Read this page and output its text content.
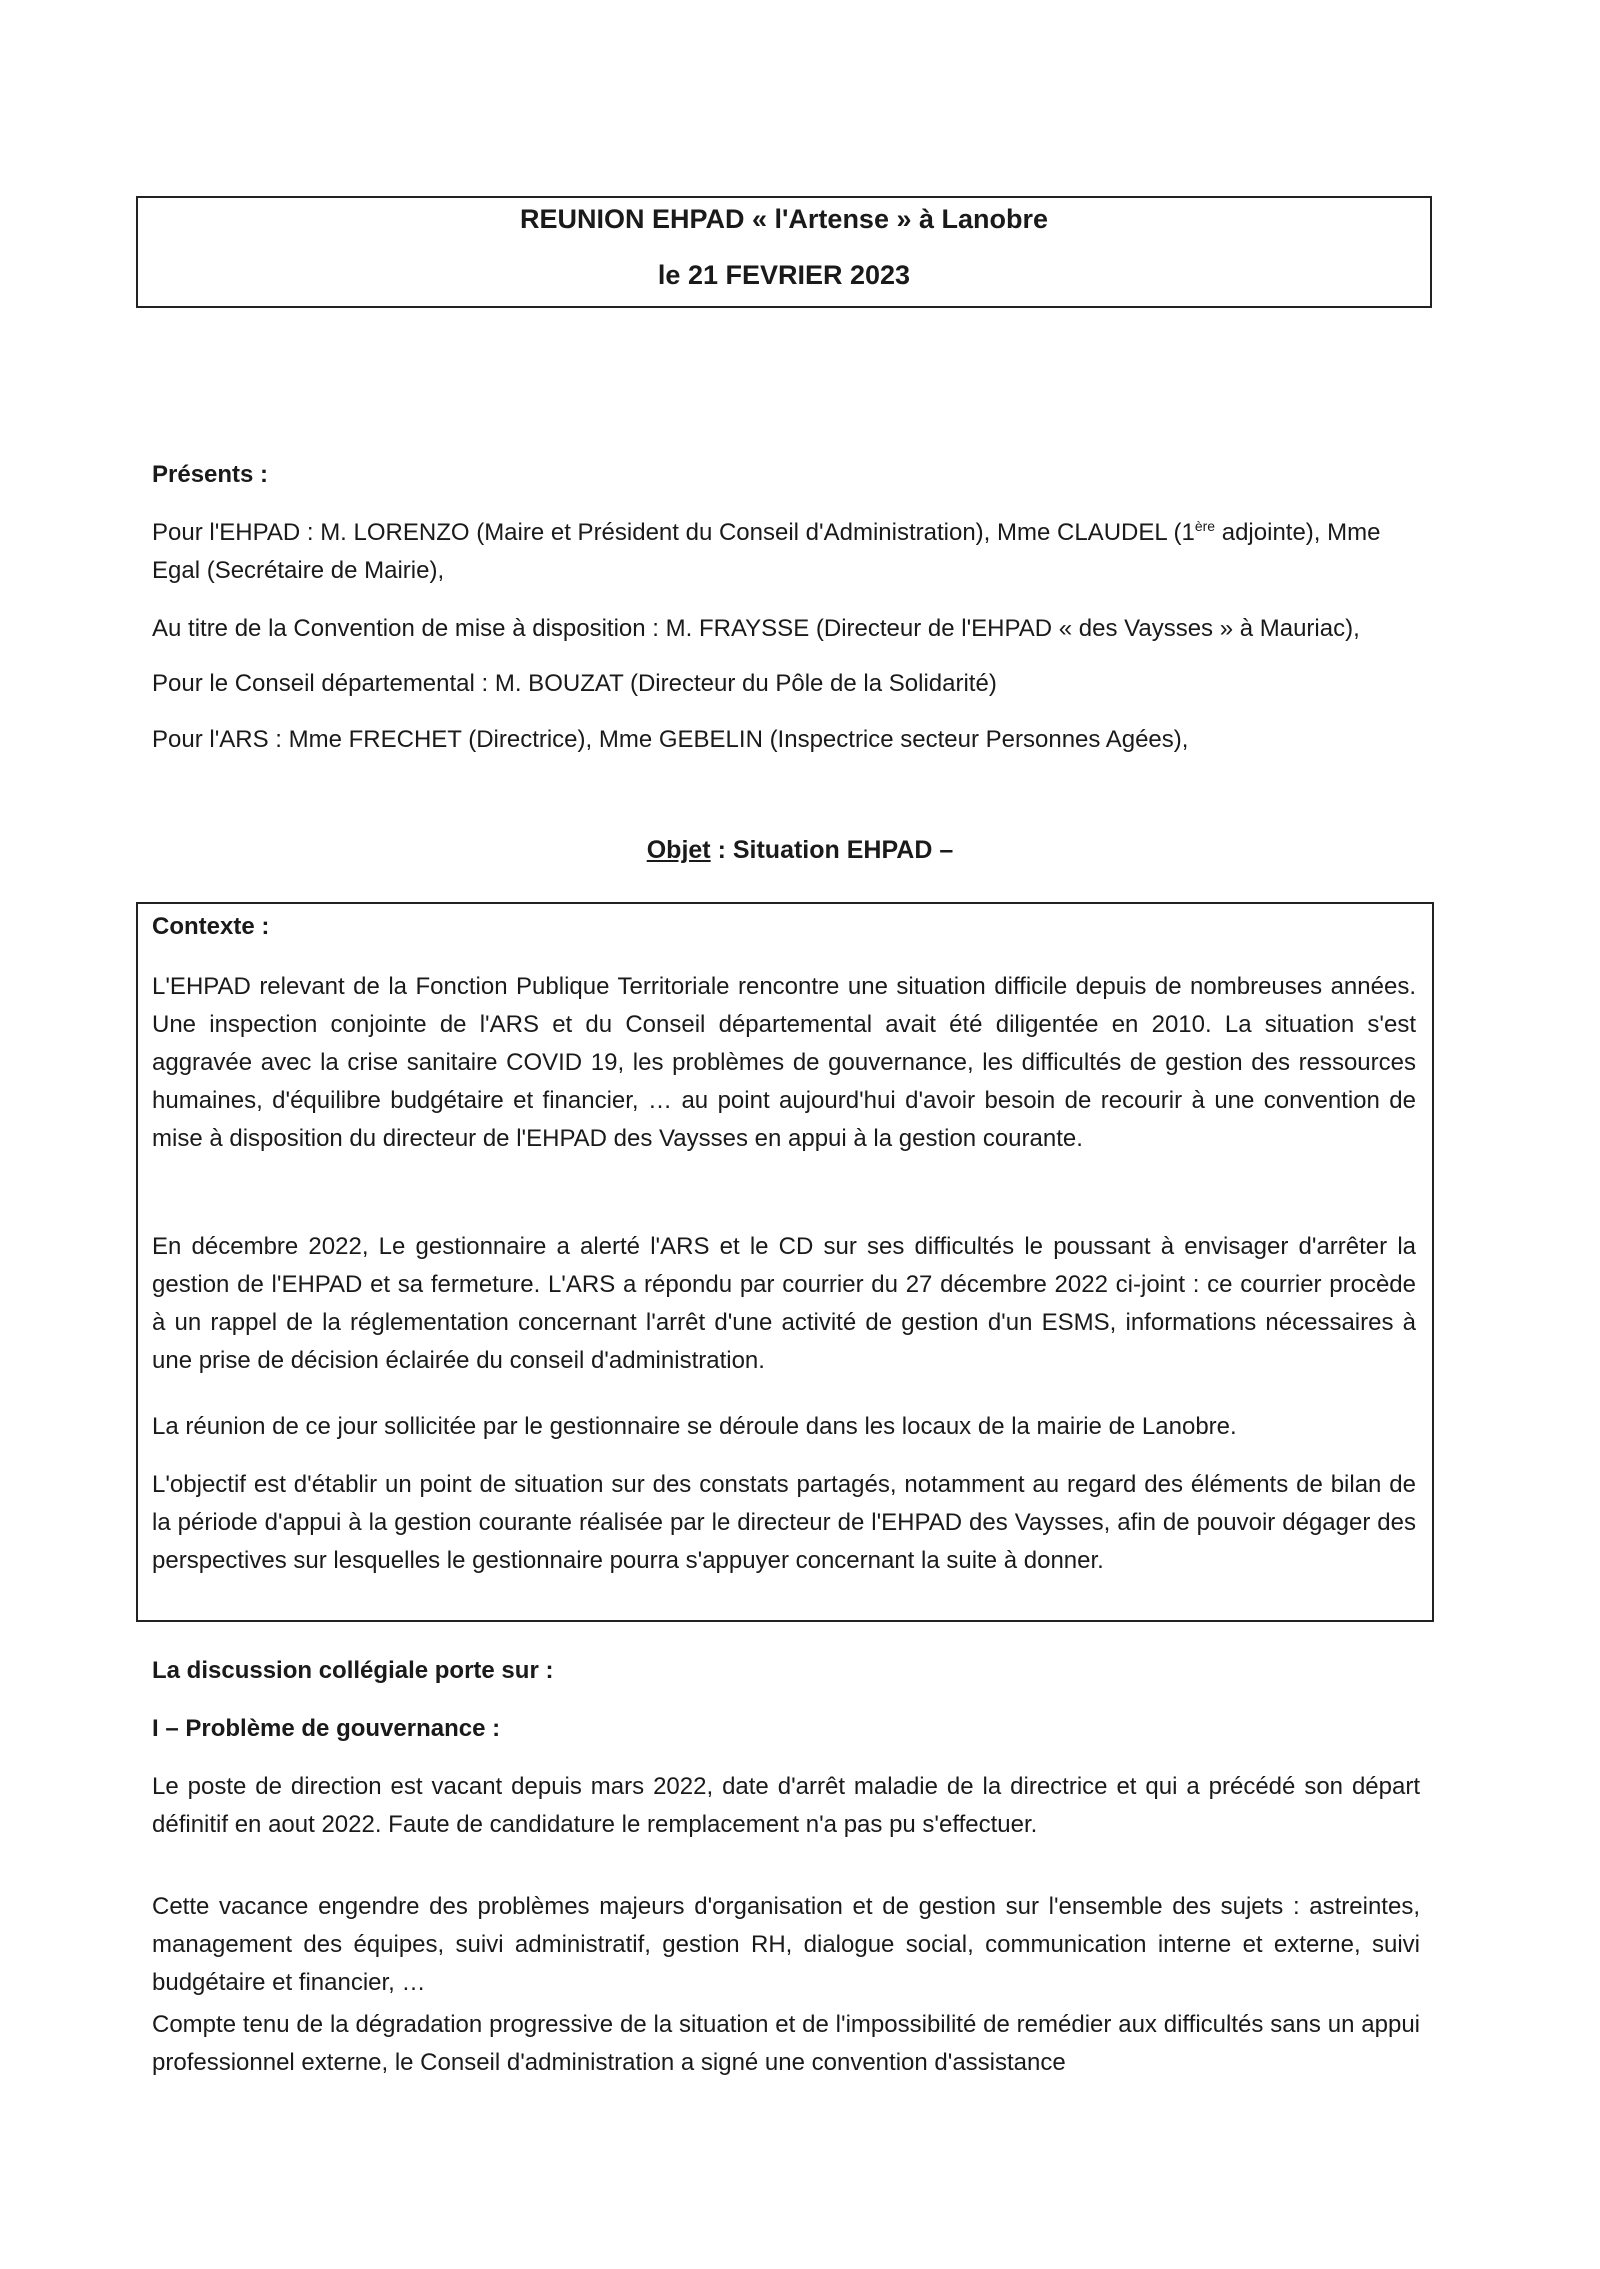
REUNION EHPAD « l'Artense » à Lanobre
le 21 FEVRIER 2023
Présents :
Pour l'EHPAD : M. LORENZO (Maire et Président du Conseil d'Administration), Mme CLAUDEL (1ère adjointe), Mme Egal (Secrétaire de Mairie),
Au titre de la Convention de mise à disposition : M. FRAYSSE (Directeur de l'EHPAD « des Vaysses » à Mauriac),
Pour le Conseil départemental : M. BOUZAT (Directeur du Pôle de la Solidarité)
Pour l'ARS : Mme FRECHET (Directrice), Mme GEBELIN (Inspectrice secteur Personnes Agées),
Objet : Situation EHPAD –
Contexte :
L'EHPAD relevant de la Fonction Publique Territoriale rencontre une situation difficile depuis de nombreuses années. Une inspection conjointe de l'ARS et du Conseil départemental avait été diligentée en 2010. La situation s'est aggravée avec la crise sanitaire COVID 19, les problèmes de gouvernance, les difficultés de gestion des ressources humaines, d'équilibre budgétaire et financier, … au point aujourd'hui d'avoir besoin de recourir à une convention de mise à disposition du directeur de l'EHPAD des Vaysses en appui à la gestion courante.
En décembre 2022, Le gestionnaire a alerté l'ARS et le CD sur ses difficultés le poussant à envisager d'arrêter la gestion de l'EHPAD et sa fermeture. L'ARS a répondu par courrier du 27 décembre 2022 ci-joint : ce courrier procède à un rappel de la réglementation concernant l'arrêt d'une activité de gestion d'un ESMS, informations nécessaires à une prise de décision éclairée du conseil d'administration.
La réunion de ce jour sollicitée par le gestionnaire se déroule dans les locaux de la mairie de Lanobre.
L'objectif est d'établir un point de situation sur des constats partagés, notamment au regard des éléments de bilan de la période d'appui à la gestion courante réalisée par le directeur de l'EHPAD des Vaysses, afin de pouvoir dégager des perspectives sur lesquelles le gestionnaire pourra s'appuyer concernant la suite à donner.
La discussion collégiale porte sur :
I – Problème de gouvernance :
Le poste de direction est vacant depuis mars 2022, date d'arrêt maladie de la directrice et qui a précédé son départ définitif en aout 2022. Faute de candidature le remplacement n'a pas pu s'effectuer.
Cette vacance engendre des problèmes majeurs d'organisation et de gestion sur l'ensemble des sujets : astreintes, management des équipes, suivi administratif, gestion RH, dialogue social, communication interne et externe, suivi budgétaire et financier, …
Compte tenu de la dégradation progressive de la situation et de l'impossibilité de remédier aux difficultés sans un appui professionnel externe, le Conseil d'administration a signé une convention d'assistance
